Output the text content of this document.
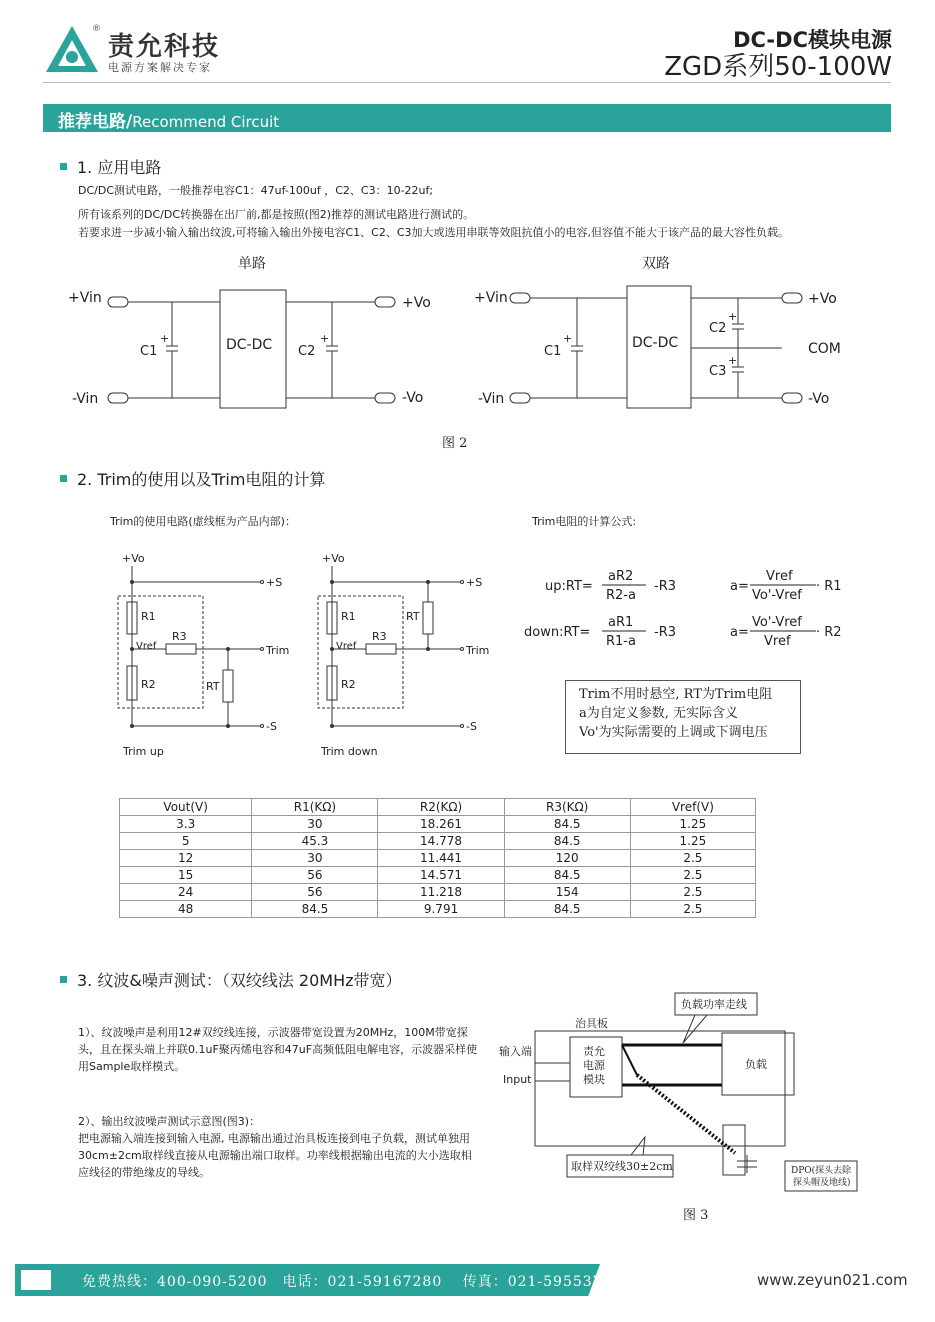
®
责允科技
电源方案解决专家
DC-DC模块电源
ZGD系列50-100W
推荐电路/Recommend Circuit
1. 应用电路
DC/DC测试电路，一般推荐电容C1：47uf-100uf ，C2、C3：10-22uf;
所有该系列的DC/DC转换器在出厂前,都是按照(图2)推荐的测试电路进行测试的。
若要求进一步减小输入输出纹波,可将输入输出外接电容C1、C2、C3加大或选用串联等效阻抗值小的电容,但容值不能大于该产品的最大容性负载。
单路
+Vin
-Vin
+Vo
-Vo
C1
+
C2
+
DC-DC
双路
+Vin
-Vin
+Vo
COM
-Vo
C1
+
C2
+
C3
+
DC-DC
图 2
2. Trim的使用以及Trim电阻的计算
Trim的使用电路(虚线框为产品内部)：	Trim电阻的计算公式:
+Vo
+S
Trim
-S
R1
R2
R3
Vref
RT
Trim up
+Vo
+S
Trim
-S
R1
R2
R3
Vref
RT
Trim down
up:RT=
aR2
R2-a
-R3
down:RT=
aR1
R1-a
-R3
a=
Vref
Vo'-Vref
· R1
a=
Vo'-Vref
Vref
· R2
Trim不用时悬空, RT为Trim电阻
a为自定义参数, 无实际含义
Vo'为实际需要的上调或下调电压
Vout(V)	R1(KΩ)	R2(KΩ)	R3(KΩ)	Vref(V)
3.3	30	18.261	84.5	1.25
5	45.3	14.778	84.5	1.25
12	30	11.441	120	2.5
15	56	14.571	84.5	2.5
24	56	11.218	154	2.5
48	84.5	9.791	84.5	2.5
3. 纹波&噪声测试：（双绞线法 20MHz带宽）
1）、纹波噪声是利用12#双绞线连接，示波器带宽设置为20MHz，100M带宽探头，且在探头端上并联0.1uF聚丙烯电容和47uF高频低阻电解电容，示波器采样使用Sample取样模式。
2）、输出纹波噪声测试示意图(图3)：
把电源输入端连接到输入电源, 电源输出通过治具板连接到电子负载，测试单独用30cm±2cm取样线直接从电源输出端口取样。功率线根据输出电流的大小选取相应线径的带绝缘皮的导线。
负载功率走线
治具板
输入端
Input
责允
电源
模块
负载
取样双绞线30±2cm	DPO(探头去除
探头帽及地线)
图 3
免费热线：400-090-5200　电话：021-59167280　 传真：021-59553702	www.zeyun021.com
